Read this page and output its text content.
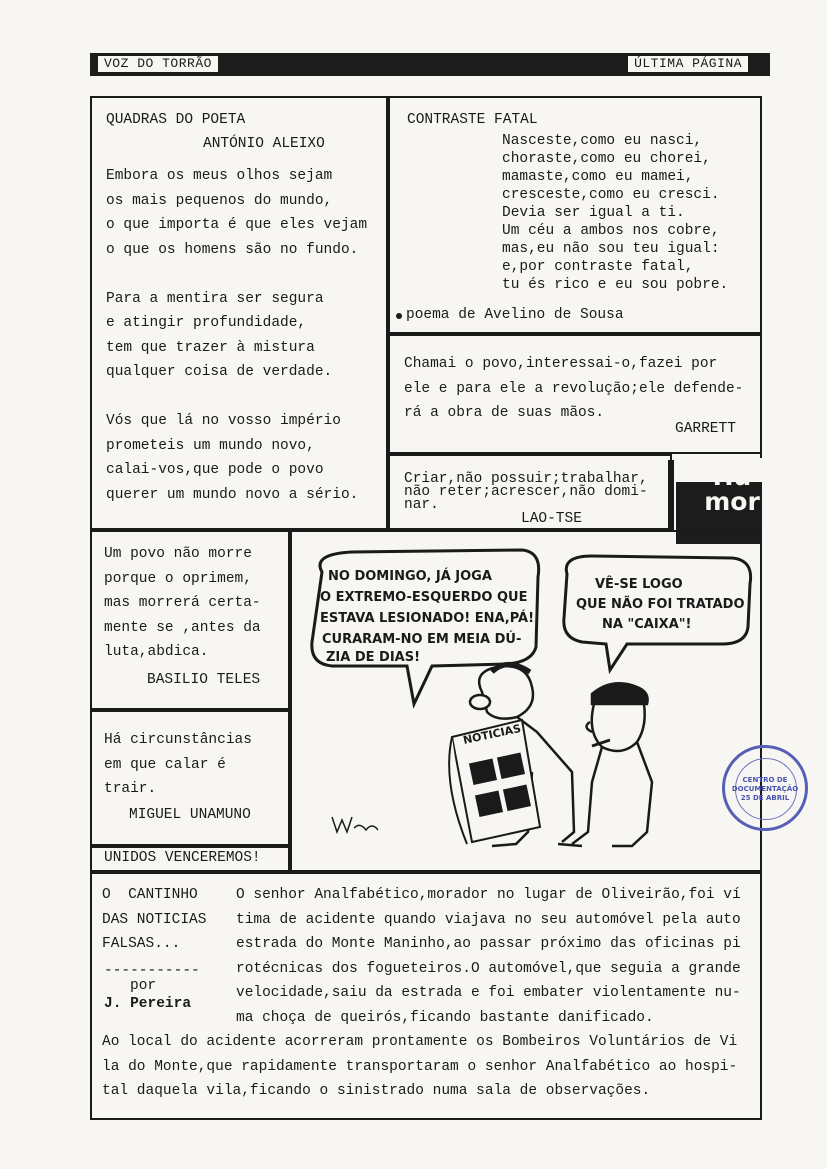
VOZ DO TORRÃO	ÚLTIMA PÁGINA
QUADRAS DO POETA
ANTÓNIO ALEIXO
Embora os meus olhos sejam
os mais pequenos do mundo,
o que importa é que eles vejam
o que os homens são no fundo.
Para a mentira ser segura
e atingir profundidade,
tem que trazer à mistura
qualquer coisa de verdade.
Vós que lá no vosso império
prometeis um mundo novo,
calai-vos,que pode o povo
querer um mundo novo a sério.
CONTRASTE FATAL
Nasceste,como eu nasci,
choraste,como eu chorei,
mamaste,como eu mamei,
cresceste,como eu cresci.
Devia ser igual a ti.
Um céu a ambos nos cobre,
mas,eu não sou teu igual:
e,por contraste fatal,
tu és rico e eu sou pobre.
poema de Avelino de Sousa
Chamai o povo,interessai-o,fazei por
ele e para ele a revolução;ele defende-
rá a obra de suas mãos.
GARRETT
Criar,não possuir;trabalhar,
não reter;acrescer,não domi-
nar.
LAO-TSE
Hu
mor
Um povo não morre
porque o oprimem,
mas morrerá certa-
mente se ,antes da
luta,abdica.
BASILIO TELES
Há circunstâncias
em que calar é
trair.
MIGUEL UNAMUNO
UNIDOS VENCEREMOS!
NO DOMINGO, JÁ JOGA
O EXTREMO-ESQUERDO QUE
ESTAVA LESIONADO! ENA,PÁ!
CURARAM-NO EM MEIA DÚ-
ZIA DE DIAS!
VÊ-SE LOGO
QUE NÃO FOI TRATADO
NA "CAIXA"!
NOTICIAS
CENTRO DE
DOCUMENTAÇÃO
25 DE ABRIL
O  CANTINHO
DAS NOTICIAS
FALSAS...
-----------
por
J. Pereira
O senhor Analfabético,morador no lugar de Oliveirão,foi ví
tima de acidente quando viajava no seu automóvel pela auto
estrada do Monte Maninho,ao passar próximo das oficinas pi
rotécnicas dos fogueteiros.O automóvel,que seguia a grande
velocidade,saiu da estrada e foi embater violentamente nu-
ma choça de queirós,ficando bastante danificado.
Ao local do acidente acorreram prontamente os Bombeiros Voluntários de Vi
la do Monte,que rapidamente transportaram o senhor Analfabético ao hospi-
tal daquela vila,ficando o sinistrado numa sala de observações.
